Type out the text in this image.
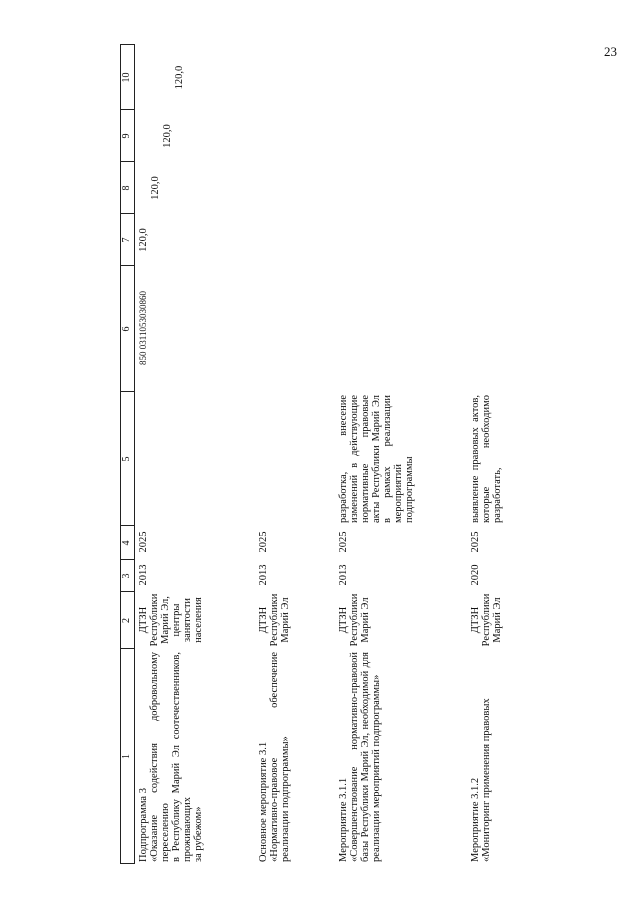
23
1
2
3
4
5
6
7
8
9
10
Подпрограмма 3
«Оказание содействия добровольному переселению
в Республику Марий Эл соотечественников, проживающих
за рубежом»
ДТЗН Республики Марий Эл, центры занятости населения
2013
2025
850 0311053030860
120,0
120,0
120,0
120,0
Основное мероприятие 3.1
«Нормативно-правовое обеспечение реализации подпрограммы»
ДТЗН Республики Марий Эл
2013
2025
Мероприятие 3.1.1
«Совершенствование нормативно-правовой базы Республики Марий Эл, необходимой для реализации мероприятий подпрограммы»
ДТЗН Республики Марий Эл
2013
2025
разработка, внесение изменений в действующие нормативные правовые акты Республики Марий Эл в рамках реализации мероприятий подпрограммы
Мероприятие 3.1.2
«Мониторинг применения правовых
ДТЗН Республики Марий Эл
2020
2025
выявление правовых актов, которые необходимо разработать,
